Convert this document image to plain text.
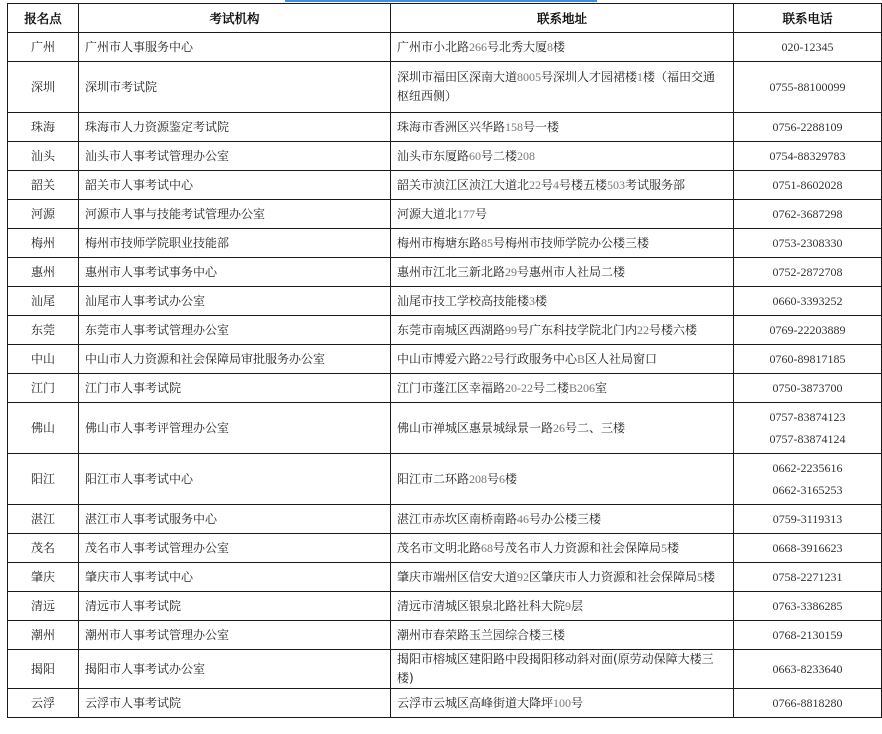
报名点	考试机构	联系地址	联系电话
广州	广州市人事服务中心	广州市小北路266号北秀大厦8楼	020-12345

深圳	深圳市考试院	深圳市福田区深南大道8005号深圳人才园裙楼1楼（福田交通枢纽西侧）	0755-88100099

珠海	珠海市人力资源鉴定考试院	珠海市香洲区兴华路158号一楼	0756-2288109

汕头	汕头市人事考试管理办公室	汕头市东厦路60号二楼208	0754-88329783

韶关	韶关市人事考试中心	韶关市浈江区浈江大道北22号4号楼五楼503考试服务部	0751-8602028

河源	河源市人事与技能考试管理办公室	河源大道北177号	0762-3687298

梅州	梅州市技师学院职业技能部	梅州市梅塘东路85号梅州市技师学院办公楼三楼	0753-2308330

惠州	惠州市人事考试事务中心	惠州市江北三新北路29号惠州市人社局二楼	0752-2872708

汕尾	汕尾市人事考试办公室	汕尾市技工学校高技能楼3楼	0660-3393252

东莞	东莞市人事考试管理办公室	东莞市南城区西湖路99号广东科技学院北门内22号楼六楼	0769-22203889

中山	中山市人力资源和社会保障局审批服务办公室	中山市博爱六路22号行政服务中心B区人社局窗口	0760-89817185

江门	江门市人事考试院	江门市蓬江区幸福路20-22号二楼B206室	0750-3873700

佛山	佛山市人事考评管理办公室	佛山市禅城区惠景城绿景一路26号二、三楼	0757-83874123
0757-83874124

阳江	阳江市人事考试中心	阳江市二环路208号6楼	0662-2235616
0662-3165253

湛江	湛江市人事考试服务中心	湛江市赤坎区南桥南路46号办公楼三楼	0759-3119313

茂名	茂名市人事考试管理办公室	茂名市文明北路68号茂名市人力资源和社会保障局5楼	0668-3916623

肇庆	肇庆市人事考试中心	肇庆市端州区信安大道92区肇庆市人力资源和社会保障局5楼	0758-2271231

清远	清远市人事考试院	清远市清城区银泉北路社科大院9层	0763-3386285

潮州	潮州市人事考试管理办公室	潮州市春荣路玉兰园综合楼三楼	0768-2130159

揭阳	揭阳市人事考试办公室	揭阳市榕城区建阳路中段揭阳移动斜对面(原劳动保障大楼三楼)	0663-8233640

云浮	云浮市人事考试院	云浮市云城区高峰街道大降坪100号	0766-8818280
